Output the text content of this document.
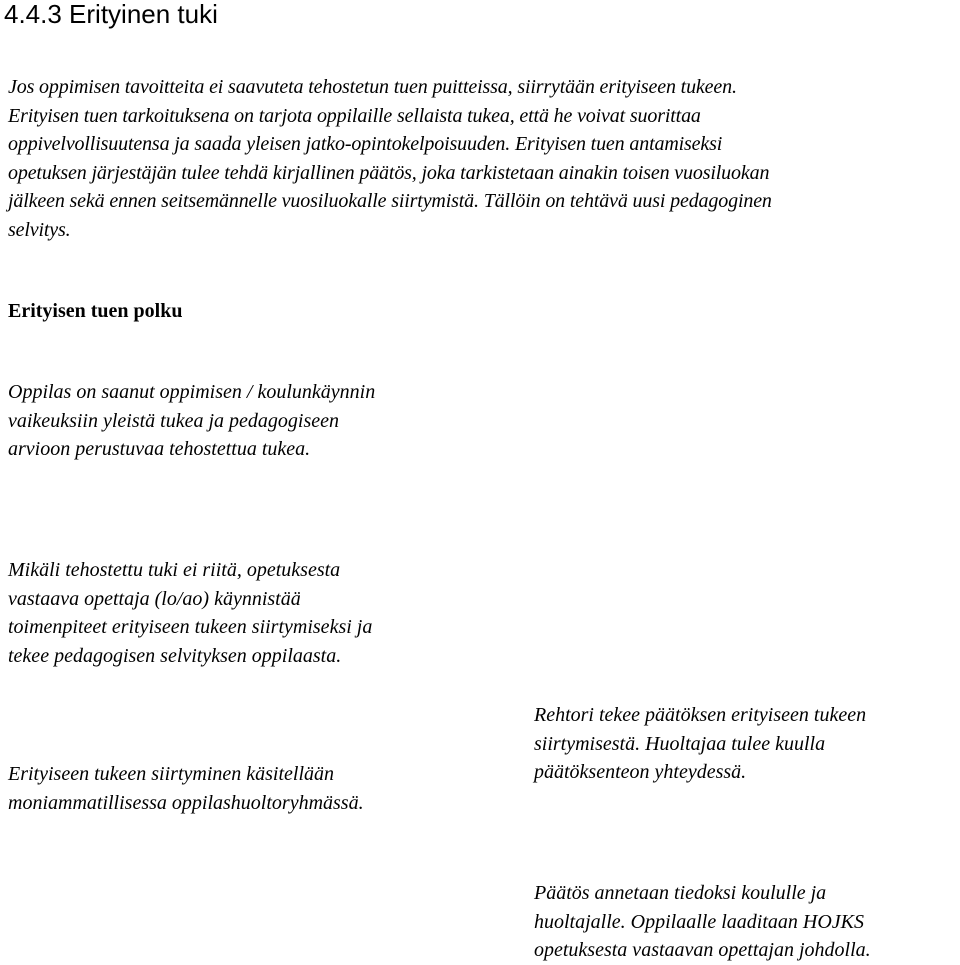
4.4.3 Erityinen tuki

Jos oppimisen tavoitteita ei saavuteta tehostetun tuen puitteissa, siirrytään erityiseen tukeen.
Erityisen tuen tarkoituksena on tarjota oppilaille sellaista tukea, että he voivat suorittaa
oppivelvollisuutensa ja saada yleisen jatko-opintokelpoisuuden. Erityisen tuen antamiseksi
opetuksen järjestäjän tulee tehdä kirjallinen päätös, joka tarkistetaan ainakin toisen vuosiluokan
jälkeen sekä ennen seitsemännelle vuosiluokalle siirtymistä. Tällöin on tehtävä uusi pedagoginen
selvitys.

Erityisen tuen polku
Oppilas on saanut oppimisen / koulunkäynnin
vaikeuksiin yleistä tukea ja pedagogiseen
arvioon perustuvaa tehostettua tukea.
Mikäli tehostettu tuki ei riitä, opetuksesta
vastaava opettaja (lo/ao) käynnistää
toimenpiteet erityiseen tukeen siirtymiseksi ja
tekee pedagogisen selvityksen oppilaasta.
Erityiseen tukeen siirtyminen käsitellään
moniammatillisessa oppilashuoltoryhmässä.
Rehtori tekee päätöksen erityiseen tukeen
siirtymisestä. Huoltajaa tulee kuulla
päätöksenteon yhteydessä.
Päätös annetaan tiedoksi koululle ja
huoltajalle. Oppilaalle laaditaan HOJKS
opetuksesta vastaavan opettajan johdolla.
